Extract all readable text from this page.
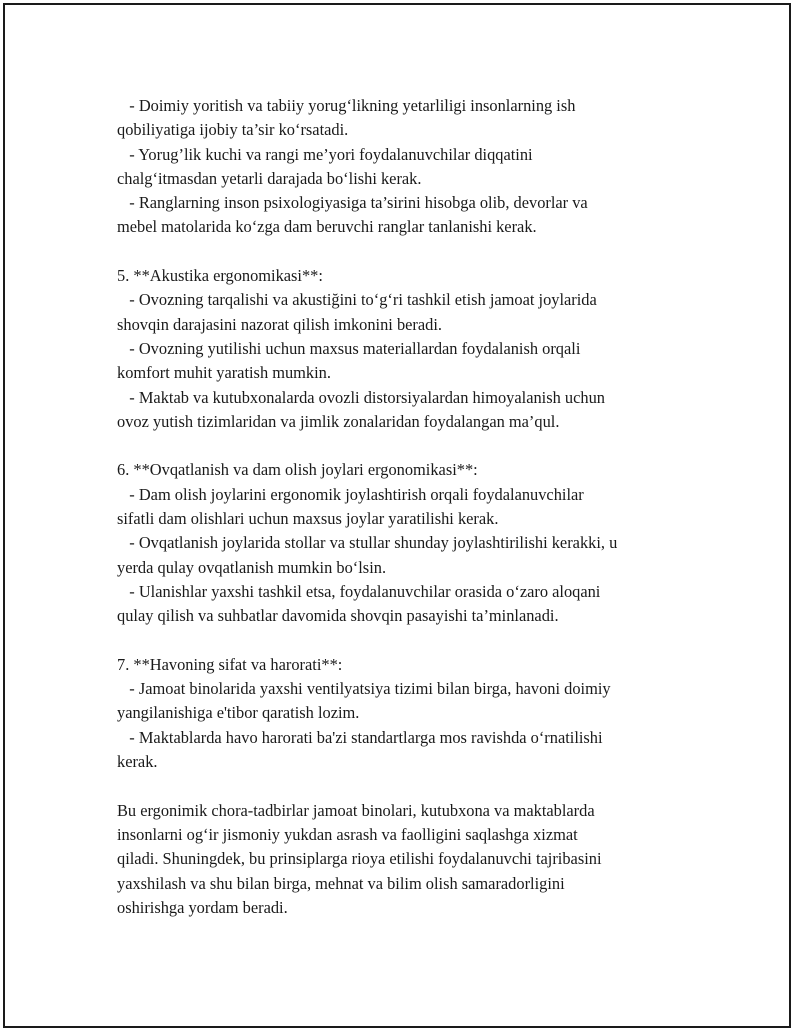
- Doimiy yoritish va tabiiy yorug‘likning yetarliligi insonlarning ish
qobiliyatiga ijobiy ta’sir ko‘rsatadi.
- Yorug’lik kuchi va rangi me’yori foydalanuvchilar diqqatini
chalg‘itmasdan yetarli darajada bo‘lishi kerak.
- Ranglarning inson psixologiyasiga ta’sirini hisobga olib, devorlar va
mebel matolarida ko‘zga dam beruvchi ranglar tanlanishi kerak.
5. **Akustika ergonomikasi**:
- Ovozning tarqalishi va akustiğini to‘g‘ri tashkil etish jamoat joylarida
shovqin darajasini nazorat qilish imkonini beradi.
- Ovozning yutilishi uchun maxsus materiallardan foydalanish orqali
komfort muhit yaratish mumkin.
- Maktab va kutubxonalarda ovozli distorsiyalardan himoyalanish uchun
ovoz yutish tizimlaridan va jimlik zonalaridan foydalangan ma’qul.
6. **Ovqatlanish va dam olish joylari ergonomikasi**:
- Dam olish joylarini ergonomik joylashtirish orqali foydalanuvchilar
sifatli dam olishlari uchun maxsus joylar yaratilishi kerak.
- Ovqatlanish joylarida stollar va stullar shunday joylashtirilishi kerakki, u
yerda qulay ovqatlanish mumkin bo‘lsin.
- Ulanishlar yaxshi tashkil etsa, foydalanuvchilar orasida o‘zaro aloqani
qulay qilish va suhbatlar davomida shovqin pasayishi ta’minlanadi.
7. **Havoning sifat va harorati**:
- Jamoat binolarida yaxshi ventilyatsiya tizimi bilan birga, havoni doimiy
yangilanishiga e'tibor qaratish lozim.
- Maktablarda havo harorati ba'zi standartlarga mos ravishda o‘rnatilishi
kerak.
Bu ergonimik chora-tadbirlar jamoat binolari, kutubxona va maktablarda
insonlarni og‘ir jismoniy yukdan asrash va faolligini saqlashga xizmat
qiladi. Shuningdek, bu prinsiplarga rioya etilishi foydalanuvchi tajribasini
yaxshilash va shu bilan birga, mehnat va bilim olish samaradorligini
oshirishga yordam beradi.
